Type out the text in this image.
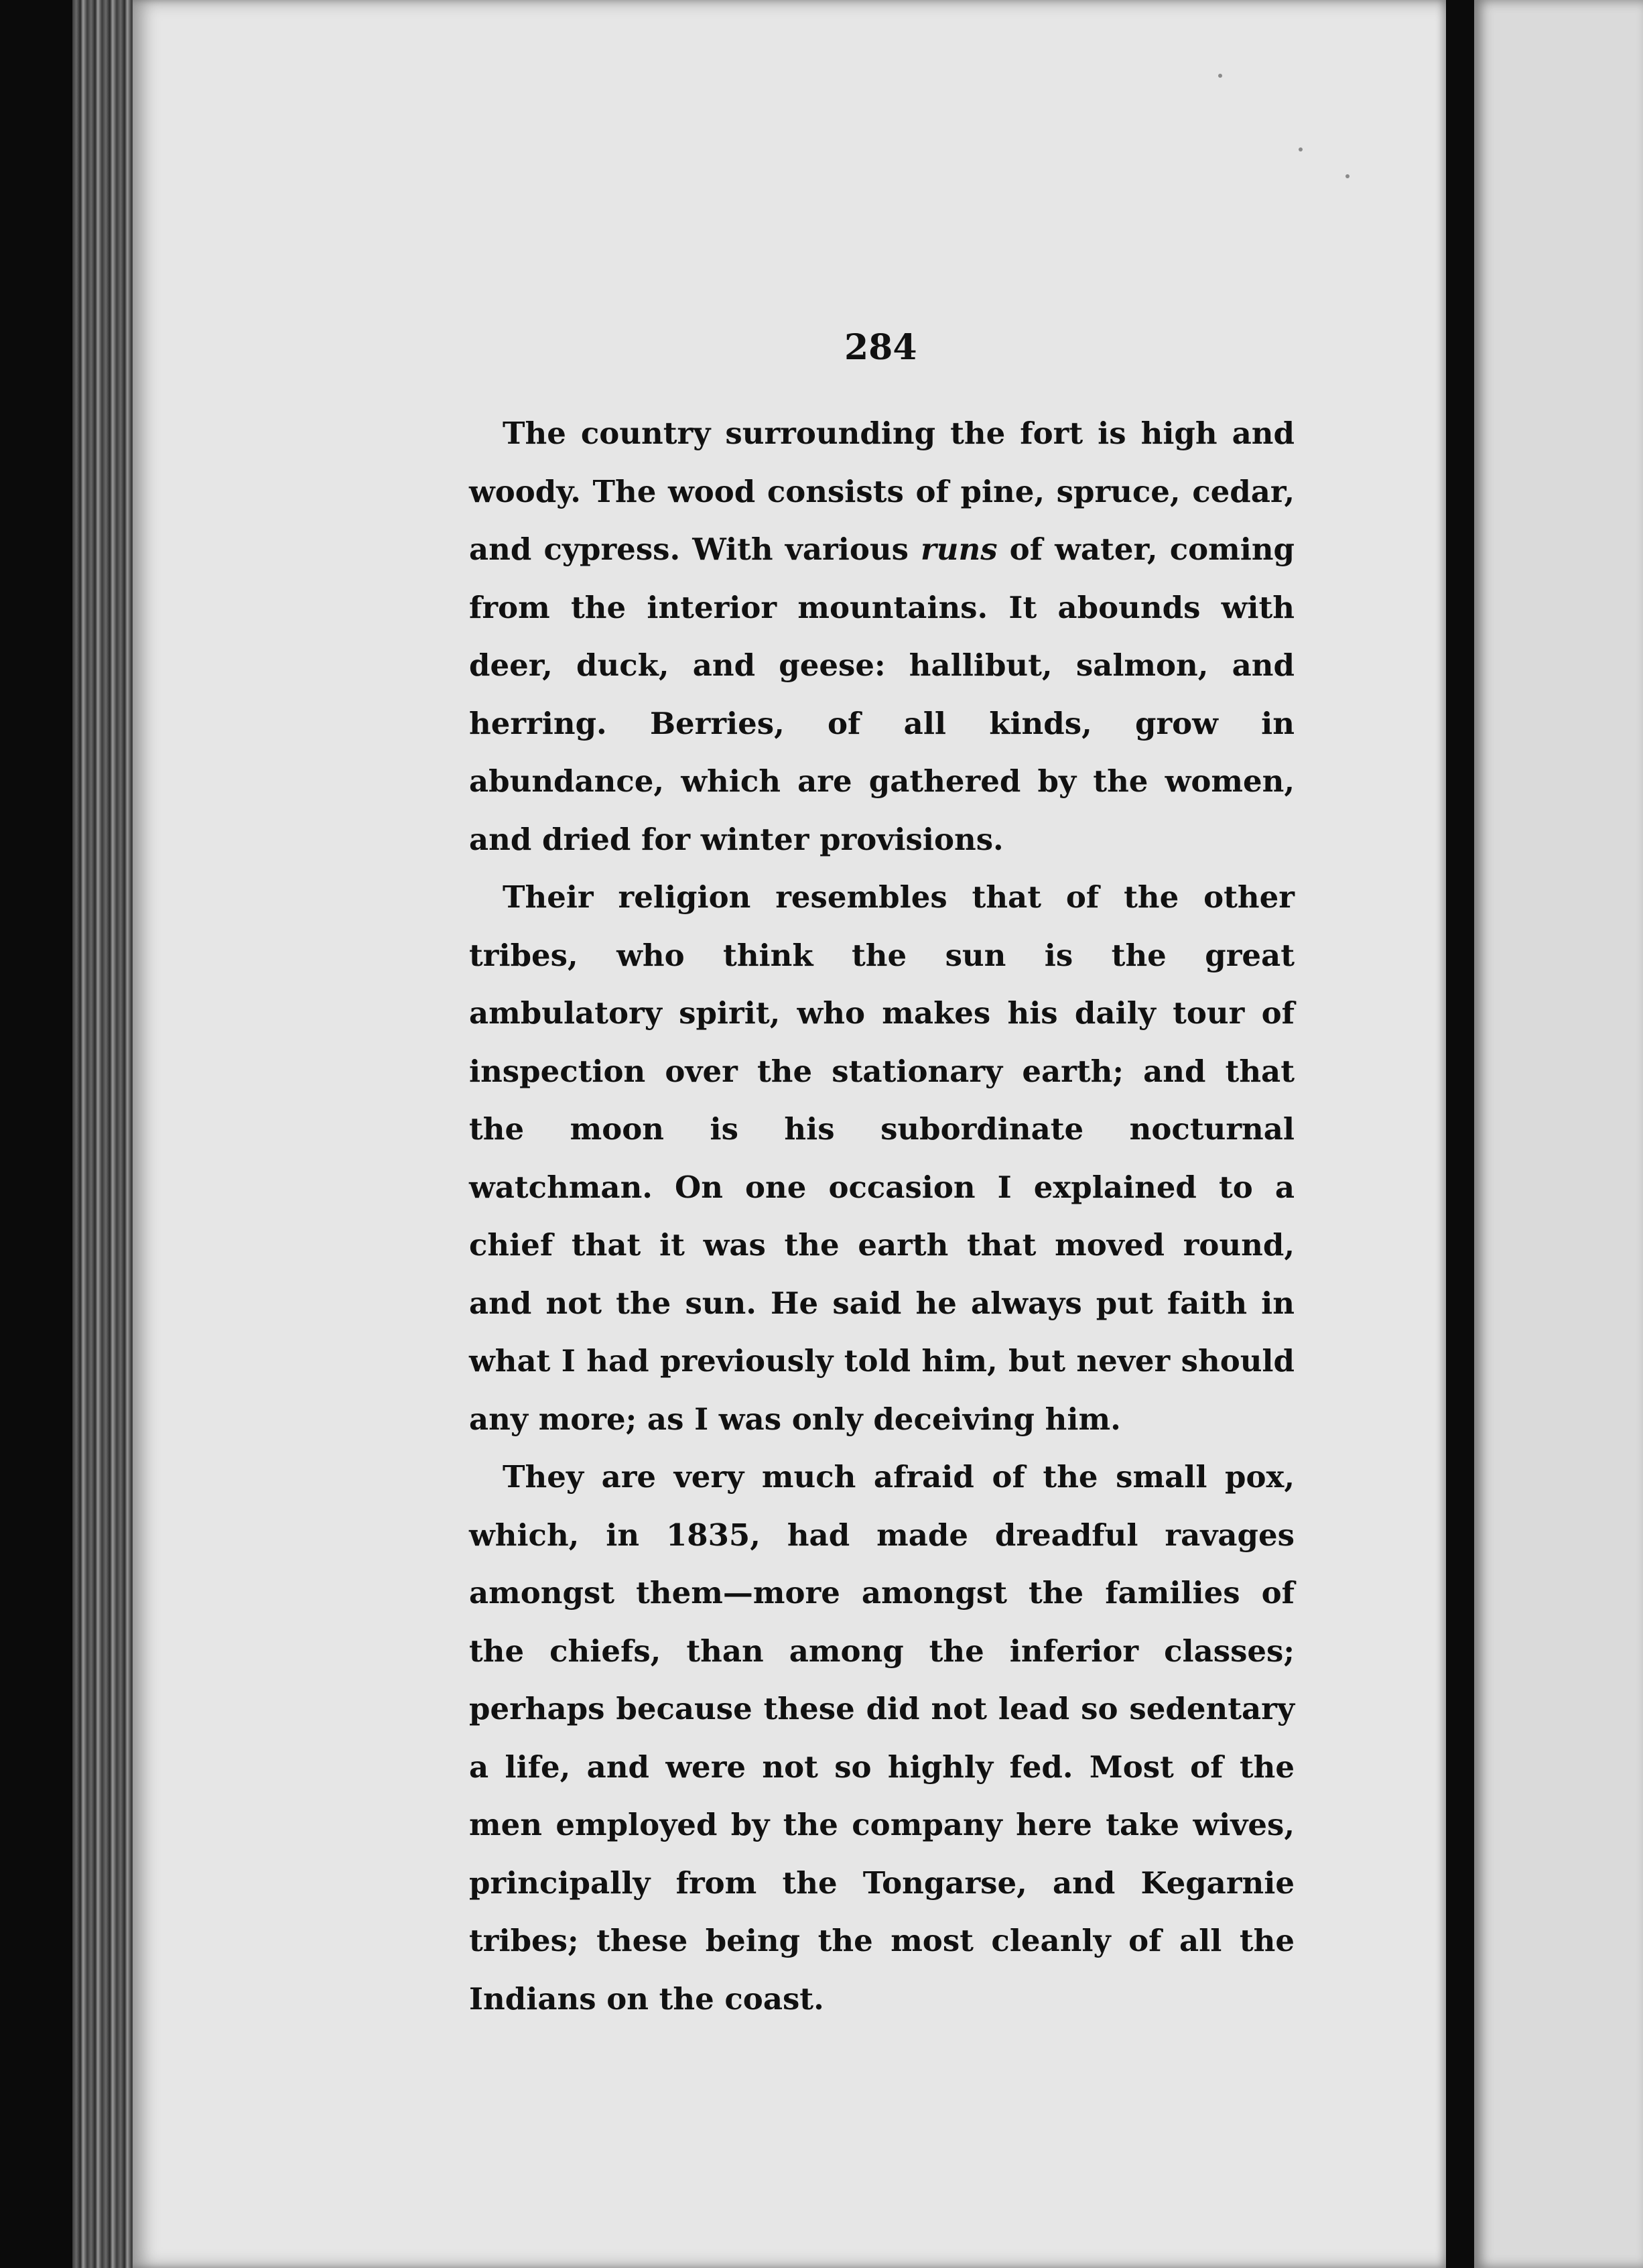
284

The country surrounding the fort is high and woody. The wood consists of pine, spruce, cedar, and cypress. With various runs of water, coming from the interior mountains. It abounds with deer, duck, and geese: hallibut, salmon, and herring. Berries, of all kinds, grow in abundance, which are gathered by the women, and dried for winter provisions.

Their religion resembles that of the other tribes, who think the sun is the great ambulatory spirit, who makes his daily tour of inspection over the stationary earth; and that the moon is his subordinate nocturnal watchman. On one occasion I explained to a chief that it was the earth that moved round, and not the sun. He said he always put faith in what I had previously told him, but never should any more; as I was only deceiving him.

They are very much afraid of the small pox, which, in 1835, had made dreadful ravages amongst them—more amongst the families of the chiefs, than among the inferior classes; perhaps because these did not lead so sedentary a life, and were not so highly fed. Most of the men employed by the company here take wives, principally from the Tongarse, and Kegarnie tribes; these being the most cleanly of all the Indians on the coast.
